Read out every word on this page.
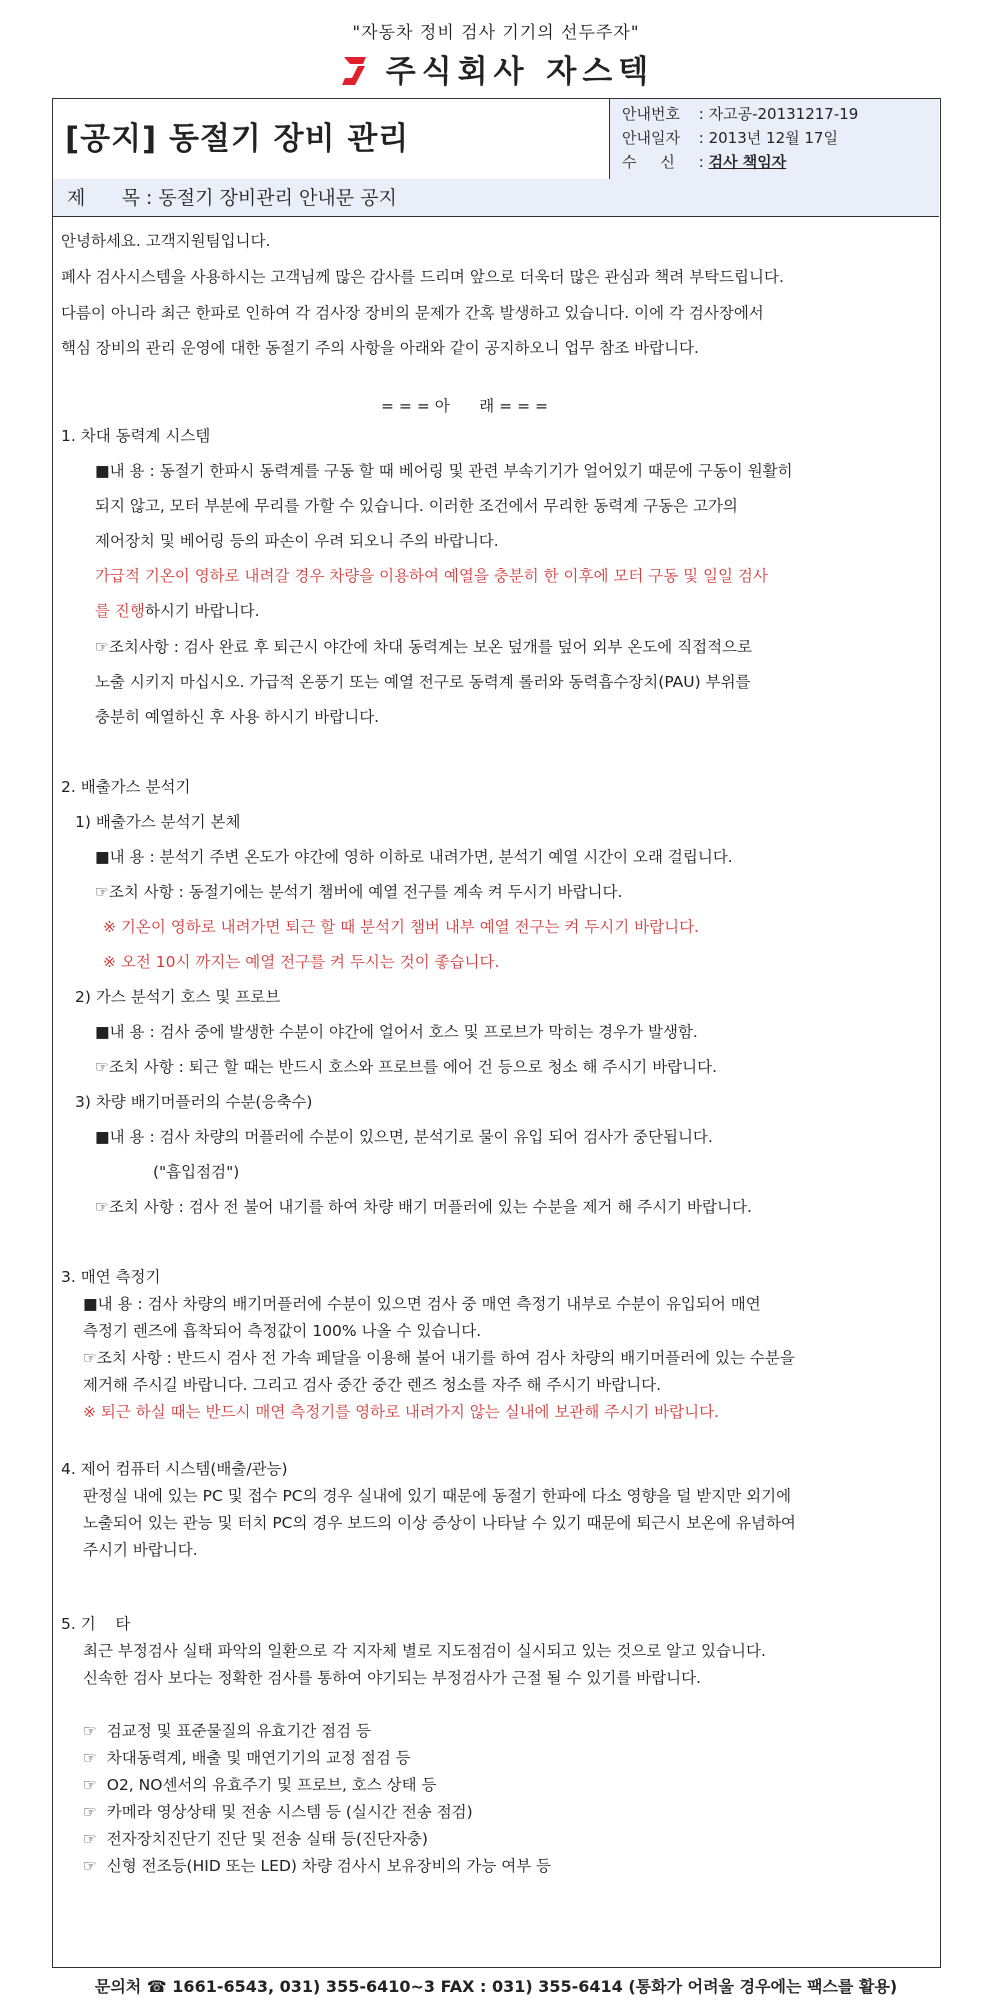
"자동차 정비 검사 기기의 선두주자"
주식회사 자스텍
[공지] 동절기 장비 관리
안내번호 : 자고공-20131217-19
안내일자 : 2013년 12월 17일
수     신 : 검사 책임자
제      목 : 동절기 장비관리 안내문 공지
안녕하세요. 고객지원팀입니다.
폐사 검사시스템을 사용하시는 고객님께 많은 감사를 드리며 앞으로 더욱더 많은 관심과 책려 부탁드립니다.
다름이 아니라 최근 한파로 인하여 각 검사장 장비의 문제가 간혹 발생하고 있습니다. 이에 각 검사장에서
핵심 장비의 관리 운영에 대한 동절기 주의 사항을 아래와 같이 공지하오니 업무 참조 바랍니다.
= = = 아      래 = = =
1. 차대 동력계 시스템
■내 용 : 동절기 한파시 동력계를 구동 할 때 베어링 및 관련 부속기기가 얼어있기 때문에 구동이 원활히
되지 않고, 모터 부분에 무리를 가할 수 있습니다. 이러한 조건에서 무리한 동력계 구동은 고가의
제어장치 및 베어링 등의 파손이 우려 되오니 주의 바랍니다.
가급적 기온이 영하로 내려갈 경우 차량을 이용하여 예열을 충분히 한 이후에 모터 구동 및 일일 검사
를 진행하시기 바랍니다.
☞조치사항 : 검사 완료 후 퇴근시 야간에 차대 동력계는 보온 덮개를 덮어 외부 온도에 직접적으로
노출 시키지 마십시오. 가급적 온풍기 또는 예열 전구로 동력계 롤러와 동력흡수장치(PAU) 부위를
충분히 예열하신 후 사용 하시기 바랍니다.
2. 배출가스 분석기
1) 배출가스 분석기 본체
■내 용 : 분석기 주변 온도가 야간에 영하 이하로 내려가면, 분석기 예열 시간이 오래 걸립니다.
☞조치 사항 : 동절기에는 분석기 챔버에 예열 전구를 계속 켜 두시기 바랍니다.
※ 기온이 영하로 내려가면 퇴근 할 때 분석기 챔버 내부 예열 전구는 켜 두시기 바랍니다.
※ 오전 10시 까지는 예열 전구를 켜 두시는 것이 좋습니다.
2) 가스 분석기 호스 및 프로브
■내 용 : 검사 중에 발생한 수분이 야간에 얼어서 호스 및 프로브가 막히는 경우가 발생함.
☞조치 사항 : 퇴근 할 때는 반드시 호스와 프로브를 에어 건 등으로 청소 해 주시기 바랍니다.
3) 차량 배기머플러의 수분(응축수)
■내 용 : 검사 차량의 머플러에 수분이 있으면, 분석기로 물이 유입 되어 검사가 중단됩니다.
("흡입점검")
☞조치 사항 : 검사 전 불어 내기를 하여 차량 배기 머플러에 있는 수분을 제거 해 주시기 바랍니다.
3. 매연 측정기
■내 용 : 검사 차량의 배기머플러에 수분이 있으면 검사 중 매연 측정기 내부로 수분이 유입되어 매연
측정기 렌즈에 흡착되어 측정값이 100% 나올 수 있습니다.
☞조치 사항 : 반드시 검사 전 가속 페달을 이용해 불어 내기를 하여 검사 차량의 배기머플러에 있는 수분을
제거해 주시길 바랍니다. 그리고 검사 중간 중간 렌즈 청소를 자주 해 주시기 바랍니다.
※ 퇴근 하실 때는 반드시 매연 측정기를 영하로 내려가지 않는 실내에 보관해 주시기 바랍니다.
4. 제어 컴퓨터 시스템(배출/관능)
판정실 내에 있는 PC 및 접수 PC의 경우 실내에 있기 때문에 동절기 한파에 다소 영향을 덜 받지만 외기에
노출되어 있는 관능 및 터치 PC의 경우 보드의 이상 증상이 나타날 수 있기 때문에 퇴근시 보온에 유념하여
주시기 바랍니다.
5. 기    타
최근 부정검사 실태 파악의 일환으로 각 지자체 별로 지도점검이 실시되고 있는 것으로 알고 있습니다.
신속한 검사 보다는 정확한 검사를 통하여 야기되는 부정검사가 근절 될 수 있기를 바랍니다.
☞  검교정 및 표준물질의 유효기간 점검 등
☞  차대동력계, 배출 및 매연기기의 교정 점검 등
☞  O2, NO센서의 유효주기 및 프로브, 호스 상태 등
☞  카메라 영상상태 및 전송 시스템 등 (실시간 전송 점검)
☞  전자장치진단기 진단 및 전송 실태 등(진단자충)
☞  신형 전조등(HID 또는 LED) 차량 검사시 보유장비의 가능 여부 등
문의처 ☎ 1661-6543, 031) 355-6410~3 FAX : 031) 355-6414 (통화가 어려울 경우에는 팩스를 활용)
